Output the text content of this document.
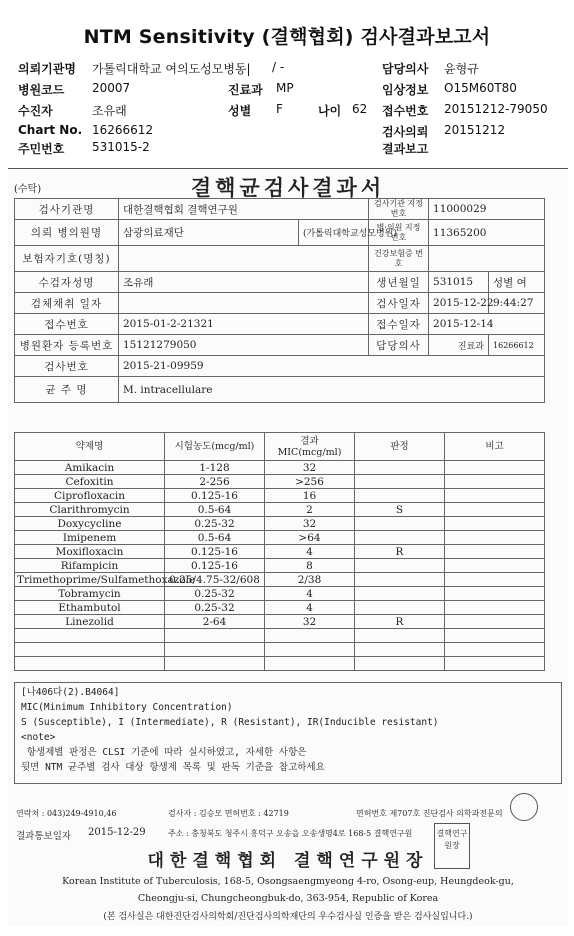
NTM Sensitivity (결핵협회) 검사결과보고서
의뢰기관명 가톨릭대학교 여의도성모병동| / -	담당의사 윤형규
병원코드 20007	진료과 MP	임상정보 O15M60T80
수진자	조유래	성별 F	나이 62 접수번호 20151212-79050
Chart No. 16266612	검사의뢰 20151212
주민번호 531015-2	결과보고
(수탁)	결핵균검사결과서
검사기관명	대한결핵협회 결핵연구원		검사기관 지정번호	11000029	
의뢰 병의원명	삼광의료재단	(가톨릭대학교성모병원)	병·의원 지정번호	11365200	
보험자기호(명칭)			건강보험증 번호		
수검자성명	조유래		생년월일	531015	성별 여
검체채취 일자			검사일자	2015-12-22	9:44:27
접수번호	2015-01-2-21321		접수일자	2015-12-14	
병원환자 등록번호	15121279050		담당의사	진료과	16266612
검사번호	2015-21-09959				
균 주 명	M. intracellulare				
약제명	시험농도(mcg/ml)	결과 MIC(mcg/ml)	판정	비고
Amikacin	1-128	32		
Cefoxitin	2-256	>256		
Ciprofloxacin	0.125-16	16		
Clarithromycin	0.5-64	2	S	
Doxycycline	0.25-32	32		
Imipenem	0.5-64	>64		
Moxifloxacin	0.125-16	4	R	
Rifampicin	0.125-16	8		
Trimethoprime/Sulfamethoxazole	0.25/4.75-32/608	2/38		
Tobramycin	0.25-32	4		
Ethambutol	0.25-32	4		
Linezolid	2-64	32	R	

[나406다(2).B4064]
MIC(Minimum Inhibitory Concentration)
S (Susceptible), I (Intermediate), R (Resistant), IR(Inducible resistant)
<note>
항생제별 판정은 CLSI 기준에 따라 실시하였고, 자세한 사항은
뒷면 NTM 균주별 검사 대상 항생제 목록 및 판독 기준을 참고하세요
연락처 : 043)249-4910,46	검사자 : 김승모 면허번호 : 42719	면허번호 제707호 진단검사 의학과전문의
결과통보일자 2015-12-29	주소 : 충청북도 청주시 흥덕구 오송읍 오송생명4로 168-5 결핵연구원
대한결핵협회 결핵연구원장
Korean Institute of Tuberculosis, 168-5, Osongsaengmyeong 4-ro, Osong-eup, Heungdeok-gu,
Cheongju-si, Chungcheongbuk-do, 363-954, Republic of Korea
(본 검사실은 대한진단검사의학회/진단검사의학재단의 우수검사실 인증을 받은 검사실입니다.)
결핵연구원장
